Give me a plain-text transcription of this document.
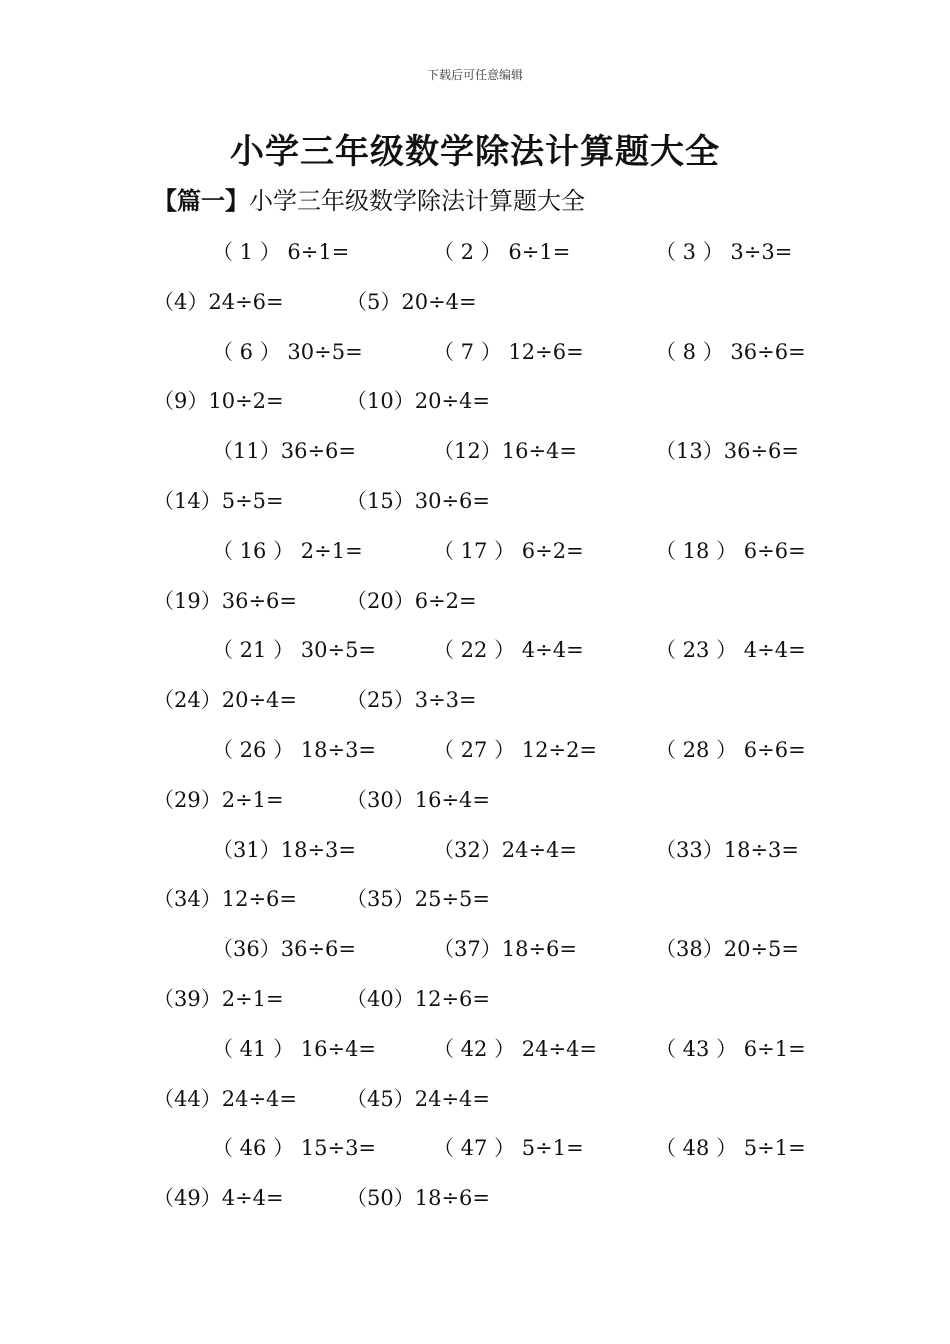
下载后可任意编辑
小学三年级数学除法计算题大全
【篇一】小学三年级数学除法计算题大全
（ 1 ） 6÷1=	（ 2 ） 6÷1=	（ 3 ） 3÷3=
（4）24÷6=	（5）20÷4=
（ 6 ） 30÷5=	（ 7 ） 12÷6=	（ 8 ） 36÷6=
（9）10÷2=	（10）20÷4=
（11）36÷6=	（12）16÷4=	（13）36÷6=
（14）5÷5=	（15）30÷6=
（ 16 ） 2÷1=	（ 17 ） 6÷2=	（ 18 ） 6÷6=
（19）36÷6= （20）6÷2=
（ 21 ） 30÷5=	（ 22 ） 4÷4=	（ 23 ） 4÷4=
（24）20÷4= （25）3÷3=
（ 26 ） 18÷3=	（ 27 ） 12÷2=	（ 28 ） 6÷6=
（29）2÷1=	（30）16÷4=
（31）18÷3=	（32）24÷4=	（33）18÷3=
（34）12÷6= （35）25÷5=
（36）36÷6=	（37）18÷6=	（38）20÷5=
（39）2÷1=	（40）12÷6=
（ 41 ） 16÷4=	（ 42 ） 24÷4=	（ 43 ） 6÷1=
（44）24÷4= （45）24÷4=
（ 46 ） 15÷3=	（ 47 ） 5÷1=	（ 48 ） 5÷1=
（49）4÷4=	（50）18÷6=
